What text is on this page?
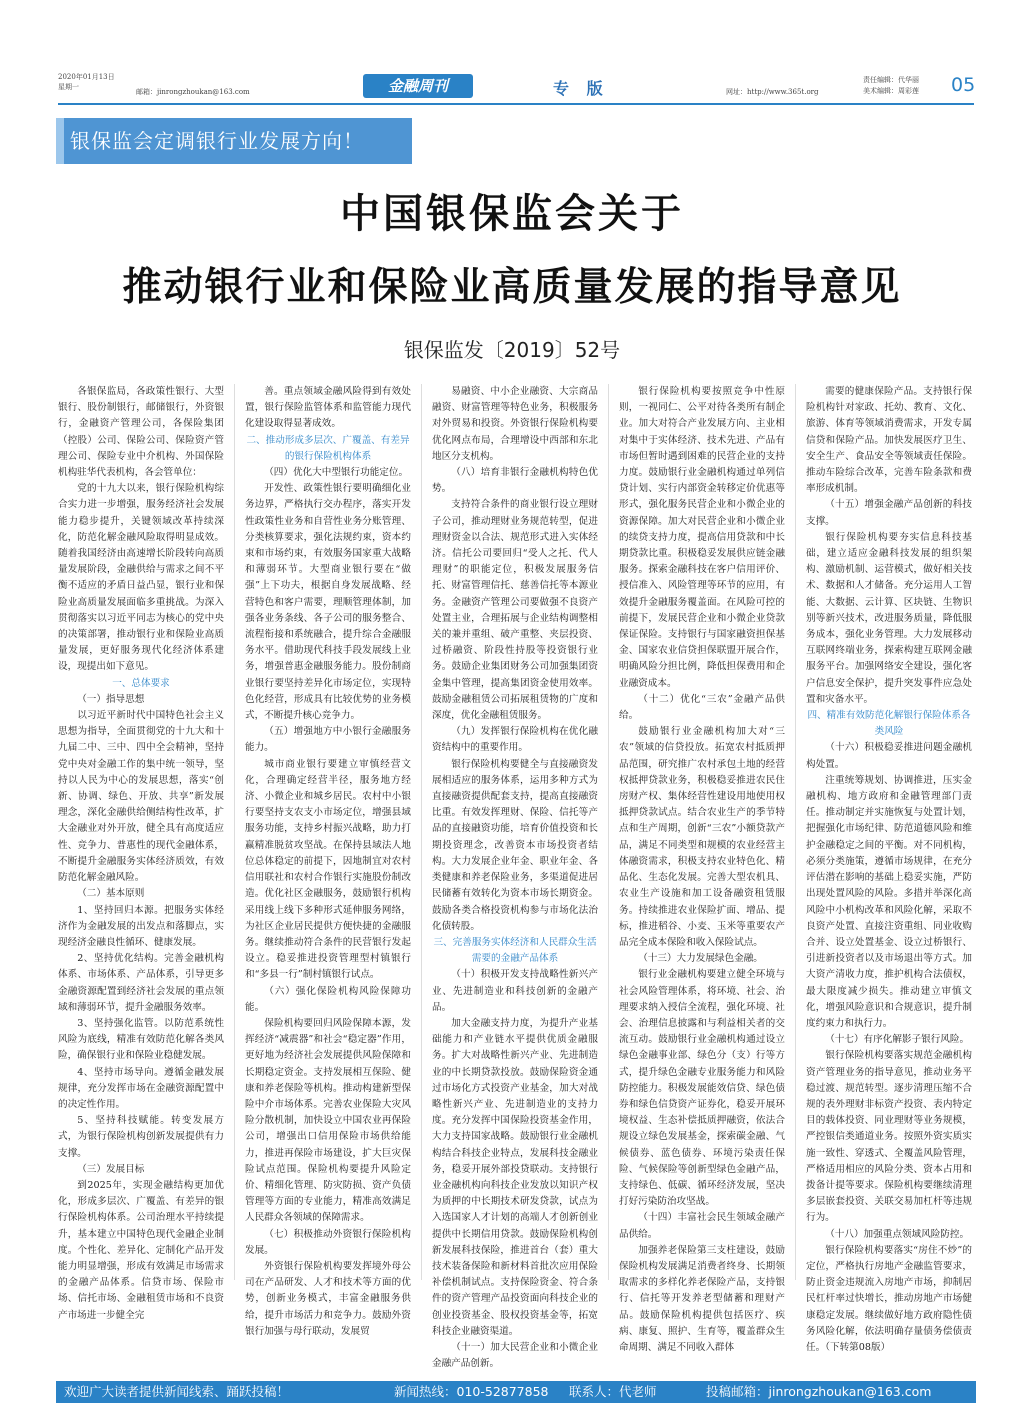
2020年01月13日
星期一
邮箱：jinrongzhoukan@163.com	金融周刊	专 版	网址：http://www.365t.org
责任编辑：代华丽
美术编辑：周彩莲 05
银保监会定调银行业发展方向！
中国银保监会关于
推动银行业和保险业高质量发展的指导意见
银保监发〔2019〕52号

各银保监局，各政策性银行、大型银行、股份制银行，邮储银行，外资银行，金融资产管理公司，各保险集团（控股）公司、保险公司、保险资产管理公司、保险专业中介机构、外国保险机构驻华代表机构，各会管单位：

党的十九大以来，银行保险机构综合实力进一步增强，服务经济社会发展能力稳步提升，关键领域改革持续深化，防范化解金融风险取得明显成效。随着我国经济由高速增长阶段转向高质量发展阶段，金融供给与需求之间不平衡不适应的矛盾日益凸显，银行业和保险业高质量发展面临多重挑战。为深入贯彻落实以习近平同志为核心的党中央的决策部署，推动银行业和保险业高质量发展，更好服务现代化经济体系建设，现提出如下意见。

一、总体要求

（一）指导思想

以习近平新时代中国特色社会主义思想为指导，全面贯彻党的十九大和十九届二中、三中、四中全会精神，坚持党中央对金融工作的集中统一领导，坚持以人民为中心的发展思想，落实“创新、协调、绿色、开放、共享”新发展理念，深化金融供给侧结构性改革，扩大金融业对外开放，健全具有高度适应性、竞争力、普惠性的现代金融体系，不断提升金融服务实体经济质效，有效防范化解金融风险。

（二）基本原则

1、坚持回归本源。把服务实体经济作为金融发展的出发点和落脚点，实现经济金融良性循环、健康发展。

2、坚持优化结构。完善金融机构体系、市场体系、产品体系，引导更多金融资源配置到经济社会发展的重点领域和薄弱环节，提升金融服务效率。

3、坚持强化监管。以防范系统性风险为底线，精准有效防范化解各类风险，确保银行业和保险业稳健发展。

4、坚持市场导向。遵循金融发展规律，充分发挥市场在金融资源配置中的决定性作用。

5、坚持科技赋能。转变发展方式，为银行保险机构创新发展提供有力支撑。

（三）发展目标

到2025年，实现金融结构更加优化，形成多层次、广覆盖、有差异的银行保险机构体系。公司治理水平持续提升，基本建立中国特色现代金融企业制度。个性化、差异化、定制化产品开发能力明显增强，形成有效满足市场需求的金融产品体系。信贷市场、保险市场、信托市场、金融租赁市场和不良资产市场进一步健全完

善。重点领域金融风险得到有效处置，银行保险监管体系和监管能力现代化建设取得显著成效。

二、推动形成多层次、广覆盖、有差异的银行保险机构体系

（四）优化大中型银行功能定位。

开发性、政策性银行要明确细化业务边界，严格执行交办程序，落实开发性政策性业务和自营性业务分账管理、分类核算要求，强化法规约束，资本约束和市场约束，有效服务国家重大战略和薄弱环节。大型商业银行要在“做强”上下功夫，根据自身发展战略、经营特色和客户需要，理顺管理体制，加强各业务条线、各子公司的服务整合、流程衔接和系统融合，提升综合金融服务水平。借助现代科技手段发展线上业务，增强普惠金融服务能力。股份制商业银行要坚持差异化市场定位，实现特色化经营，形成具有比较优势的业务模式，不断提升核心竞争力。

（五）增强地方中小银行金融服务能力。

城市商业银行要建立审慎经营文化，合理确定经营半径，服务地方经济、小微企业和城乡居民。农村中小银行要坚持支农支小市场定位，增强县域服务功能，支持乡村振兴战略，助力打赢精准脱贫攻坚战。在保持县域法人地位总体稳定的前提下，因地制宜对农村信用联社和农村合作银行实施股份制改造。优化社区金融服务，鼓励银行机构采用线上线下多种形式延伸服务网络，为社区企业居民提供方便快捷的金融服务。继续推动符合条件的民营银行发起设立。稳妥推进投资管理型村镇银行和“多县一行”制村镇银行试点。

（六）强化保险机构风险保障功能。

保险机构要回归风险保障本源，发挥经济“减震器”和社会“稳定器”作用，更好地为经济社会发展提供风险保障和长期稳定资金。支持发展相互保险、健康和养老保险等机构。推动构建新型保险中介市场体系。完善农业保险大灾风险分散机制，加快设立中国农业再保险公司，增强出口信用保险市场供给能力，推进再保险市场建设，扩大巨灾保险试点范围。保险机构要提升风险定价、精细化管理、防灾防损、资产负债管理等方面的专业能力，精准高效满足人民群众各领域的保障需求。

（七）积极推动外资银行保险机构发展。

外资银行保险机构要发挥境外母公司在产品研发、人才和技术等方面的优势，创新业务模式，丰富金融服务供给，提升市场活力和竞争力。鼓励外资银行加强与母行联动，发展贸

易融资、中小企业融资、大宗商品融资、财富管理等特色业务，积极服务对外贸易和投资。外资银行保险机构要优化网点布局，合理增设中西部和东北地区分支机构。

（八）培育非银行金融机构特色优势。

支持符合条件的商业银行设立理财子公司，推动理财业务规范转型，促进理财资金以合法、规范形式进入实体经济。信托公司要回归“受人之托、代人理财”的职能定位，积极发展服务信托、财富管理信托、慈善信托等本源业务。金融资产管理公司要做强不良资产处置主业，合理拓展与企业结构调整相关的兼并重组、破产重整、夹层投资、过桥融资、阶段性持股等投资银行业务。鼓励企业集团财务公司加强集团资金集中管理，提高集团资金使用效率。鼓励金融租赁公司拓展租赁物的广度和深度，优化金融租赁服务。

（九）发挥银行保险机构在优化融资结构中的重要作用。

银行保险机构要健全与直接融资发展相适应的服务体系，运用多种方式为直接融资提供配套支持，提高直接融资比重。有效发挥理财、保险、信托等产品的直接融资功能，培育价值投资和长期投资理念，改善资本市场投资者结构。大力发展企业年金、职业年金、各类健康和养老保险业务，多渠道促进居民储蓄有效转化为资本市场长期资金。鼓励各类合格投资机构参与市场化法治化债转股。

三、完善服务实体经济和人民群众生活需要的金融产品体系

（十）积极开发支持战略性新兴产业、先进制造业和科技创新的金融产品。

加大金融支持力度，为提升产业基础能力和产业链水平提供优质金融服务。扩大对战略性新兴产业、先进制造业的中长期贷款投放。鼓励保险资金通过市场化方式投资产业基金，加大对战略性新兴产业、先进制造业的支持力度。充分发挥中国保险投资基金作用，大力支持国家战略。鼓励银行业金融机构结合科技企业特点，发展科技金融业务，稳妥开展外部投贷联动。支持银行业金融机构向科技企业发放以知识产权为质押的中长期技术研发贷款，试点为入选国家人才计划的高端人才创新创业提供中长期信用贷款。鼓励保险机构创新发展科技保险，推进首台（套）重大技术装备保险和新材料首批次应用保险补偿机制试点。支持保险资金、符合条件的资产管理产品投资面向科技企业的创业投资基金、股权投资基金等，拓宽科技企业融资渠道。

（十一）加大民营企业和小微企业金融产品创新。

银行保险机构要按照竞争中性原则，一视同仁、公平对待各类所有制企业。加大对符合产业发展方向、主业相对集中于实体经济、技术先进、产品有市场但暂时遇到困难的民营企业的支持力度。鼓励银行业金融机构通过单列信贷计划、实行内部资金转移定价优惠等形式，强化服务民营企业和小微企业的资源保障。加大对民营企业和小微企业的续贷支持力度，提高信用贷款和中长期贷款比重。积极稳妥发展供应链金融服务。探索金融科技在客户信用评价、授信准入、风险管理等环节的应用，有效提升金融服务覆盖面。在风险可控的前提下，发展民营企业和小微企业贷款保证保险。支持银行与国家融资担保基金、国家农业信贷担保联盟开展合作，明确风险分担比例，降低担保费用和企业融资成本。

（十二）优化“三农”金融产品供给。

鼓励银行业金融机构加大对“三农”领域的信贷投放。拓宽农村抵质押品范围，研究推广农村承包土地的经营权抵押贷款业务，积极稳妥推进农民住房财产权、集体经营性建设用地使用权抵押贷款试点。结合农业生产的季节特点和生产周期，创新“三农”小额贷款产品，满足不同类型和规模的农业经营主体融资需求，积极支持农业特色化、精品化、生态化发展。完善大型农机具、农业生产设施和加工设备融资租赁服务。持续推进农业保险扩面、增品、提标，推进稻谷、小麦、玉米等重要农产品完全成本保险和收入保险试点。

（十三）大力发展绿色金融。

银行业金融机构要建立健全环境与社会风险管理体系，将环境、社会、治理要求纳入授信全流程，强化环境、社会、治理信息披露和与利益相关者的交流互动。鼓励银行业金融机构通过设立绿色金融事业部、绿色分（支）行等方式，提升绿色金融专业服务能力和风险防控能力。积极发展能效信贷、绿色债券和绿色信贷资产证券化，稳妥开展环境权益、生态补偿抵质押融资，依法合规设立绿色发展基金，探索碳金融、气候债券、蓝色债券、环境污染责任保险、气候保险等创新型绿色金融产品，支持绿色、低碳、循环经济发展，坚决打好污染防治攻坚战。

（十四）丰富社会民生领域金融产品供给。

加强养老保险第三支柱建设，鼓励保险机构发展满足消费者终身、长期领取需求的多样化养老保险产品，支持银行、信托等开发养老型储蓄和理财产品。鼓励保险机构提供包括医疗、疾病、康复、照护、生育等，覆盖群众生命周期、满足不同收入群体

需要的健康保险产品。支持银行保险机构针对家政、托幼、教育、文化、旅游、体育等领域消费需求，开发专属信贷和保险产品。加快发展医疗卫生、安全生产、食品安全等领域责任保险。推动车险综合改革，完善车险条款和费率形成机制。

（十五）增强金融产品创新的科技支撑。

银行保险机构要夯实信息科技基础，建立适应金融科技发展的组织架构、激励机制、运营模式，做好相关技术、数据和人才储备。充分运用人工智能、大数据、云计算、区块链、生物识别等新兴技术，改进服务质量，降低服务成本，强化业务管理。大力发展移动互联网终端业务，探索构建互联网金融服务平台。加强网络安全建设，强化客户信息安全保护，提升突发事件应急处置和灾备水平。

四、精准有效防范化解银行保险体系各类风险

（十六）积极稳妥推进问题金融机构处置。

注重统筹规划、协调推进，压实金融机构、地方政府和金融管理部门责任。推动制定并实施恢复与处置计划，把握强化市场纪律、防范道德风险和维护金融稳定之间的平衡。对不同机构，必须分类施策，遵循市场规律，在充分评估潜在影响的基础上稳妥实施，严防出现处置风险的风险。多措并举深化高风险中小机构改革和风险化解，采取不良资产处置、直接注资重组、同业收购合并、设立处置基金、设立过桥银行、引进新投资者以及市场退出等方式。加大资产清收力度，推护机构合法债权，最大限度减少损失。推动建立审慎文化，增强风险意识和合规意识，提升制度约束力和执行力。

（十七）有序化解影子银行风险。

银行保险机构要落实规范金融机构资产管理业务的指导意见，推动业务平稳过渡、规范转型。逐步清理压缩不合规的表外理财非标资产投资、表内特定目的载体投资、同业理财等业务规模，严控银信类通道业务。按照外资实质实施一致性、穿透式、全覆盖风险管理，严格适用相应的风险分类、资本占用和拨备计提等要求。保险机构要继续清理多层嵌套投资、关联交易加杠杆等违规行为。

（十八）加强重点领域风险防控。

银行保险机构要落实“房住不炒”的定位，严格执行房地产金融监管要求，防止资金违规流入房地产市场，抑制居民杠杆率过快增长，推动房地产市场健康稳定发展。继续做好地方政府隐性债务风险化解，依法明确存量债务偿债责任。（下转第08版）

欢迎广大读者提供新闻线索、踊跃投稿！	新闻热线：010-52877858 联系人：代老师	投稿邮箱：jinrongzhoukan@163.com
